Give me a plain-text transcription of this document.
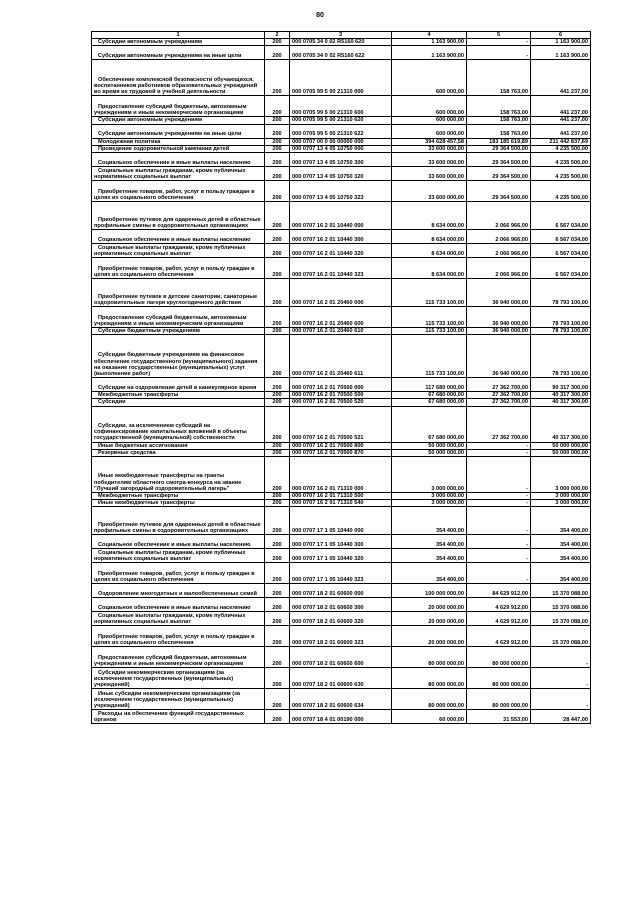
80
1	2	3	4	5	6
Субсидии автономным учреждениям	200	000 0705 34 0 02 R5160 620	1 163 900,00	-	1 163 900,00
Субсидии автономным учреждениям на иные цели	200	000 0705 34 0 02 R5160 622	1 163 900,00	-	1 163 900,00
Обеспечение комплексной безопасности обучающихся, воспитанников работников образовательных учреждений во время их трудовой и учебной деятельности	200	000 0705 99 5 00 21310 000	600 000,00	158 763,00	441 237,00
Предоставление субсидий бюджетным, автономным учреждениям и иным некоммерческим организациям	200	000 0705 99 5 00 21310 600	600 000,00	158 763,00	441 237,00
Субсидии автономным учреждениям	200	000 0705 99 5 00 21310 620	600 000,00	158 763,00	441 237,00
Субсидии автономным учреждениям на иные цели	200	000 0705 99 5 00 21310 622	600 000,00	158 763,00	441 237,00
Молодежная политика	200	000 0707 00 0 00 00000 000	394 628 457,58	183 185 619,89	211 442 837,69
Проведение оздоровительной кампании детей	200	000 0707 13 4 05 10750 000	33 600 000,00	29 364 500,00	4 235 500,00
Социальное обеспечение и иные выплаты населению	200	000 0707 13 4 05 10750 300	33 600 000,00	29 364 500,00	4 235 500,00
Социальные выплаты гражданам, кроме публичных нормативных социальных выплат	200	000 0707 13 4 05 10750 320	33 600 000,00	29 364 500,00	4 235 500,00
Приобретение товаров, работ, услуг в пользу граждан в целях их социального обеспечения	200	000 0707 13 4 05 10750 323	33 600 000,00	29 364 500,00	4 235 500,00
Приобретение путевок для одаренных детей в областные профильные смены в оздоровительных организациях	200	000 0707 16 2 01 10440 000	8 634 000,00	2 066 966,00	6 567 034,00
Социальное обеспечение и иные выплаты населению	200	000 0707 16 2 01 10440 300	8 634 000,00	2 066 966,00	6 567 034,00
Социальные выплаты гражданам, кроме публичных нормативных социальных выплат	200	000 0707 16 2 01 10440 320	8 634 000,00	2 066 966,00	6 567 034,00
Приобретение товаров, работ, услуг в пользу граждан в целях их социального обеспечения	200	000 0707 16 2 01 10440 323	8 634 000,00	2 066 966,00	6 567 034,00
Приобретение путевок в детские санатории, санаторные оздоровительные лагеря круглогодичного действия	200	000 0707 16 2 01 20460 000	115 733 100,00	36 940 000,00	78 793 100,00
Предоставление субсидий бюджетным, автономным учреждениям и иным некоммерческим организациям	200	000 0707 16 2 01 20460 600	115 733 100,00	36 940 000,00	78 793 100,00
Субсидии бюджетным учреждениям	200	000 0707 16 2 01 20460 610	115 733 100,00	36 940 000,00	78 793 100,00
Субсидии бюджетным учреждениям на финансовое обеспечение государственного (муниципального) задания на оказание государственных (муниципальных) услуг (выполнение работ)	200	000 0707 16 2 01 20460 611	115 733 100,00	36 940 000,00	78 793 100,00
Субсидии на оздоровление детей в каникулярное время	200	000 0707 16 2 01 70500 000	117 680 000,00	27 362 700,00	90 317 300,00
Межбюджетные трансферты	200	000 0707 16 2 01 70500 500	67 680 000,00	27 362 700,00	40 317 300,00
Субсидии	200	000 0707 16 2 01 70500 520	67 680 000,00	27 362 700,00	40 317 300,00
Субсидии, за исключением субсидий на софинансирование капитальных вложений в объекты государственной (муниципальной) собственности	200	000 0707 16 2 01 70500 521	67 680 000,00	27 362 700,00	40 317 300,00
Иные бюджетные ассигнования	200	000 0707 16 2 01 70500 800	50 000 000,00	-	50 000 000,00
Резервные средства	200	000 0707 16 2 01 70500 870	50 000 000,00	-	50 000 000,00
Иные межбюджетные трансферты на гранты победителям областного смотра-конкурса на звание "Лучший загородный оздоровительный лагерь"	200	000 0707 16 2 01 71310 000	3 000 000,00	-	3 000 000,00
Межбюджетные трансферты	200	000 0707 16 2 01 71310 500	3 000 000,00	-	3 000 000,00
Иные межбюджетные трансферты	200	000 0707 16 2 01 71310 540	3 000 000,00	-	3 000 000,00
Приобретение путевок для одаренных детей в областные профильные смены в оздоровительных организациях	200	000 0707 17 1 05 10440 000	354 400,00	-	354 400,00
Социальное обеспечение и иные выплаты населению	200	000 0707 17 1 05 10440 300	354 400,00	-	354 400,00
Социальные выплаты гражданам, кроме публичных нормативных социальных выплат	200	000 0707 17 1 05 10440 320	354 400,00	-	354 400,00
Приобретение товаров, работ, услуг в пользу граждан в целях их социального обеспечения	200	000 0707 17 1 05 10440 323	354 400,00	-	354 400,00
Оздоровление многодетных и малообеспеченных семей	200	000 0707 18 2 01 60600 000	100 000 000,00	84 629 912,00	15 370 088,00
Социальное обеспечение и иные выплаты населению	200	000 0707 18 2 01 60600 300	20 000 000,00	4 629 912,00	15 370 088,00
Социальные выплаты гражданам, кроме публичных нормативных социальных выплат	200	000 0707 18 2 01 60600 320	20 000 000,00	4 629 912,00	15 370 088,00
Приобретение товаров, работ, услуг в пользу граждан в целях их социального обеспечения	200	000 0707 18 2 01 60600 323	20 000 000,00	4 629 912,00	15 370 088,00
Предоставление субсидий бюджетным, автономным учреждениям и иным некоммерческим организациям	200	000 0707 18 2 01 60600 600	80 000 000,00	80 000 000,00	-
Субсидии некоммерческим организациям (за исключением государственных (муниципальных) учреждений)	200	000 0707 18 2 01 60600 630	80 000 000,00	80 000 000,00	-
Иные субсидии некоммерческим организациям (за исключением государственных (муниципальных) учреждений)	200	000 0707 18 2 01 60600 634	80 000 000,00	80 000 000,00	-
Расходы на обеспечение функций государственных органов	200	000 0707 18 4 01 00190 000	60 000,00	31 553,00	28 447,00
